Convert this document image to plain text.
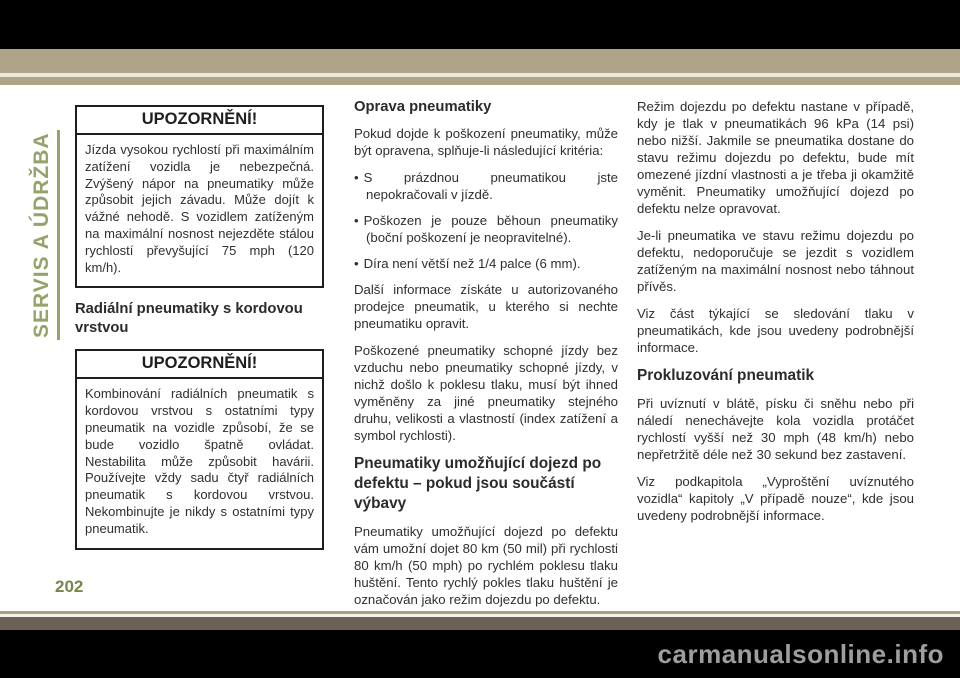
SERVIS A ÚDRŽBA
UPOZORNĚNÍ!
Jízda vysokou rychlostí při maximálním zatížení vozidla je nebezpečná. Zvýšený nápor na pneumatiky může způsobit jejich závadu. Může dojít k vážné nehodě. S vozidlem zatíženým na maximální nosnost nejezděte stálou rychlostí převyšující 75 mph (120 km/h).
Radiální pneumatiky s kordovou vrstvou
UPOZORNĚNÍ!
Kombinování radiálních pneumatik s kordovou vrstvou s ostatními typy pneumatik na vozidle způsobí, že se bude vozidlo špatně ovládat. Nestabilita může způsobit havárii. Používejte vždy sadu čtyř radiálních pneumatik s kordovou vrstvou. Nekombinujte je nikdy s ostatními typy pneumatik.
Oprava pneumatiky
Pokud dojde k poškození pneumatiky, může být opravena, splňuje-li následující kritéria:
• S prázdnou pneumatikou jste nepokračovali v jízdě.
• Poškozen je pouze běhoun pneumatiky (boční poškození je neopravitelné).
• Díra není větší než 1/4 palce (6 mm).
Další informace získáte u autorizovaného prodejce pneumatik, u kterého si nechte pneumatiku opravit.
Poškozené pneumatiky schopné jízdy bez vzduchu nebo pneumatiky schopné jízdy, v nichž došlo k poklesu tlaku, musí být ihned vyměněny za jiné pneumatiky stejného druhu, velikosti a vlastností (index zatížení a symbol rychlosti).
Pneumatiky umožňující dojezd po defektu – pokud jsou součástí výbavy
Pneumatiky umožňující dojezd po defektu vám umožní dojet 80 km (50 mil) při rychlosti 80 km/h (50 mph) po rychlém poklesu tlaku huštění. Tento rychlý pokles tlaku huštění je označován jako režim dojezdu po defektu.
Režim dojezdu po defektu nastane v případě, kdy je tlak v pneumatikách 96 kPa (14 psi) nebo nižší. Jakmile se pneumatika dostane do stavu režimu dojezdu po defektu, bude mít omezené jízdní vlastnosti a je třeba ji okamžitě vyměnit. Pneumatiky umožňující dojezd po defektu nelze opravovat.
Je-li pneumatika ve stavu režimu dojezdu po defektu, nedoporučuje se jezdit s vozidlem zatíženým na maximální nosnost nebo táhnout přívěs.
Viz část týkající se sledování tlaku v pneumatikách, kde jsou uvedeny podrobnější informace.
Prokluzování pneumatik
Při uvíznutí v blátě, písku či sněhu nebo při náledí nenechávejte kola vozidla protáčet rychlostí vyšší než 30 mph (48 km/h) nebo nepřetržitě déle než 30 sekund bez zastavení.
Viz podkapitola „Vyproštění uvíznutého vozidla“ kapitoly „V případě nouze“, kde jsou uvedeny podrobnější informace.
202
carmanualsonline.info
